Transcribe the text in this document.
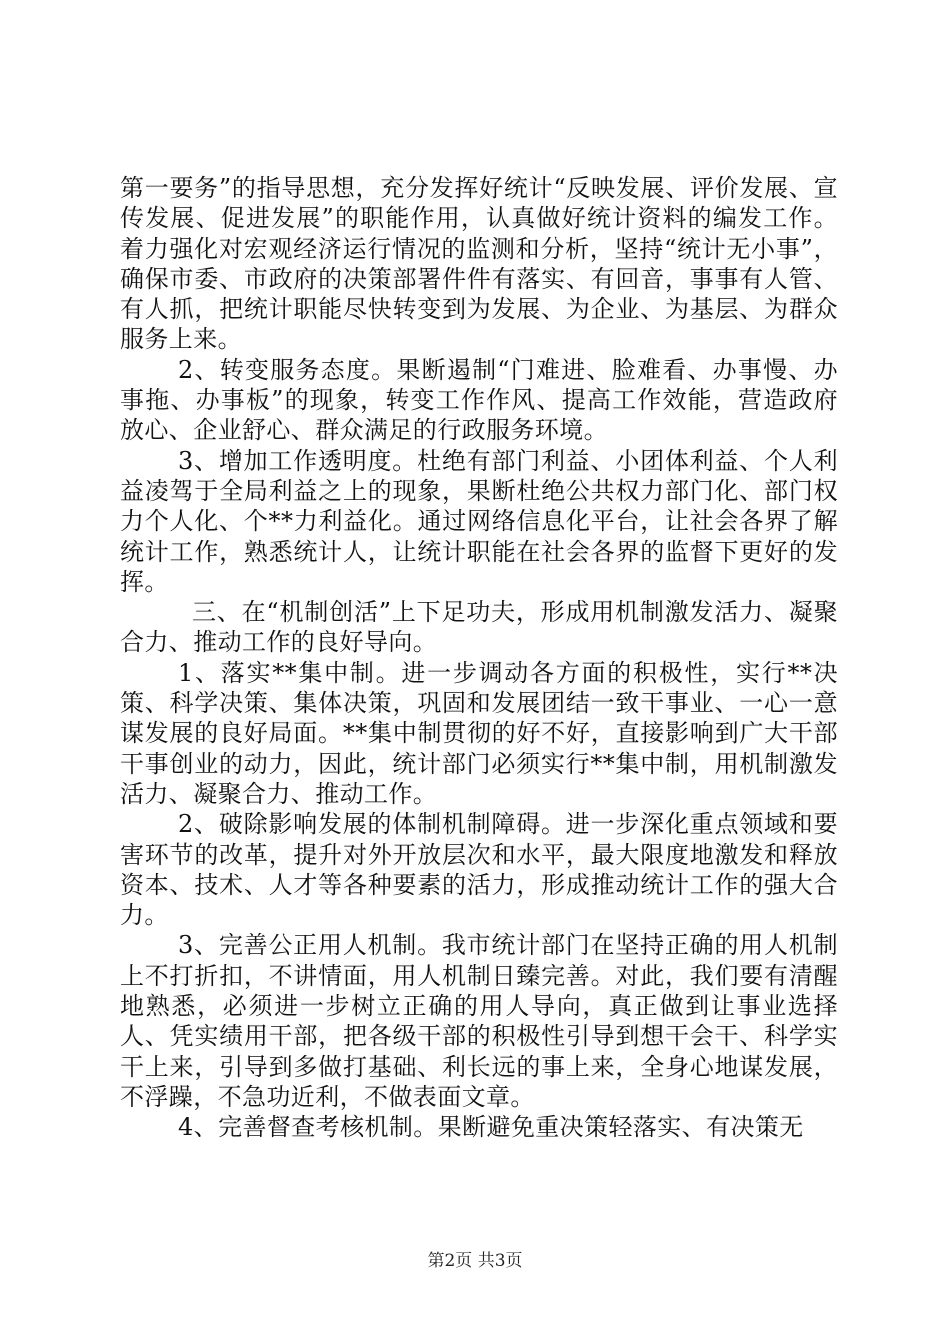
第一要务”的指导思想，充分发挥好统计“反映发展、评价发展、宣传发展、促进发展”的职能作用，认真做好统计资料的编发工作。着力强化对宏观经济运行情况的监测和分析，坚持“统计无小事”，确保市委、市政府的决策部署件件有落实、有回音，事事有人管、有人抓，把统计职能尽快转变到为发展、为企业、为基层、为群众服务上来。

2、转变服务态度。果断遏制“门难进、脸难看、办事慢、办事拖、办事板”的现象，转变工作作风、提高工作效能，营造政府放心、企业舒心、群众满足的行政服务环境。

3、增加工作透明度。杜绝有部门利益、小团体利益、个人利益凌驾于全局利益之上的现象，果断杜绝公共权力部门化、部门权力个人化、个**力利益化。通过网络信息化平台，让社会各界了解统计工作，熟悉统计人，让统计职能在社会各界的监督下更好的发挥。

三、在“机制创活”上下足功夫，形成用机制激发活力、凝聚合力、推动工作的良好导向。

1、落实**集中制。进一步调动各方面的积极性，实行**决策、科学决策、集体决策，巩固和发展团结一致干事业、一心一意谋发展的良好局面。**集中制贯彻的好不好，直接影响到广大干部干事创业的动力，因此，统计部门必须实行**集中制，用机制激发活力、凝聚合力、推动工作。

2、破除影响发展的体制机制障碍。进一步深化重点领域和要害环节的改革，提升对外开放层次和水平，最大限度地激发和释放资本、技术、人才等各种要素的活力，形成推动统计工作的强大合力。

3、完善公正用人机制。我市统计部门在坚持正确的用人机制上不打折扣，不讲情面，用人机制日臻完善。对此，我们要有清醒地熟悉，必须进一步树立正确的用人导向，真正做到让事业选择人、凭实绩用干部，把各级干部的积极性引导到想干会干、科学实干上来，引导到多做打基础、利长远的事上来，全身心地谋发展，不浮躁，不急功近利，不做表面文章。

4、完善督查考核机制。果断避免重决策轻落实、有决策无

第2页 共3页
